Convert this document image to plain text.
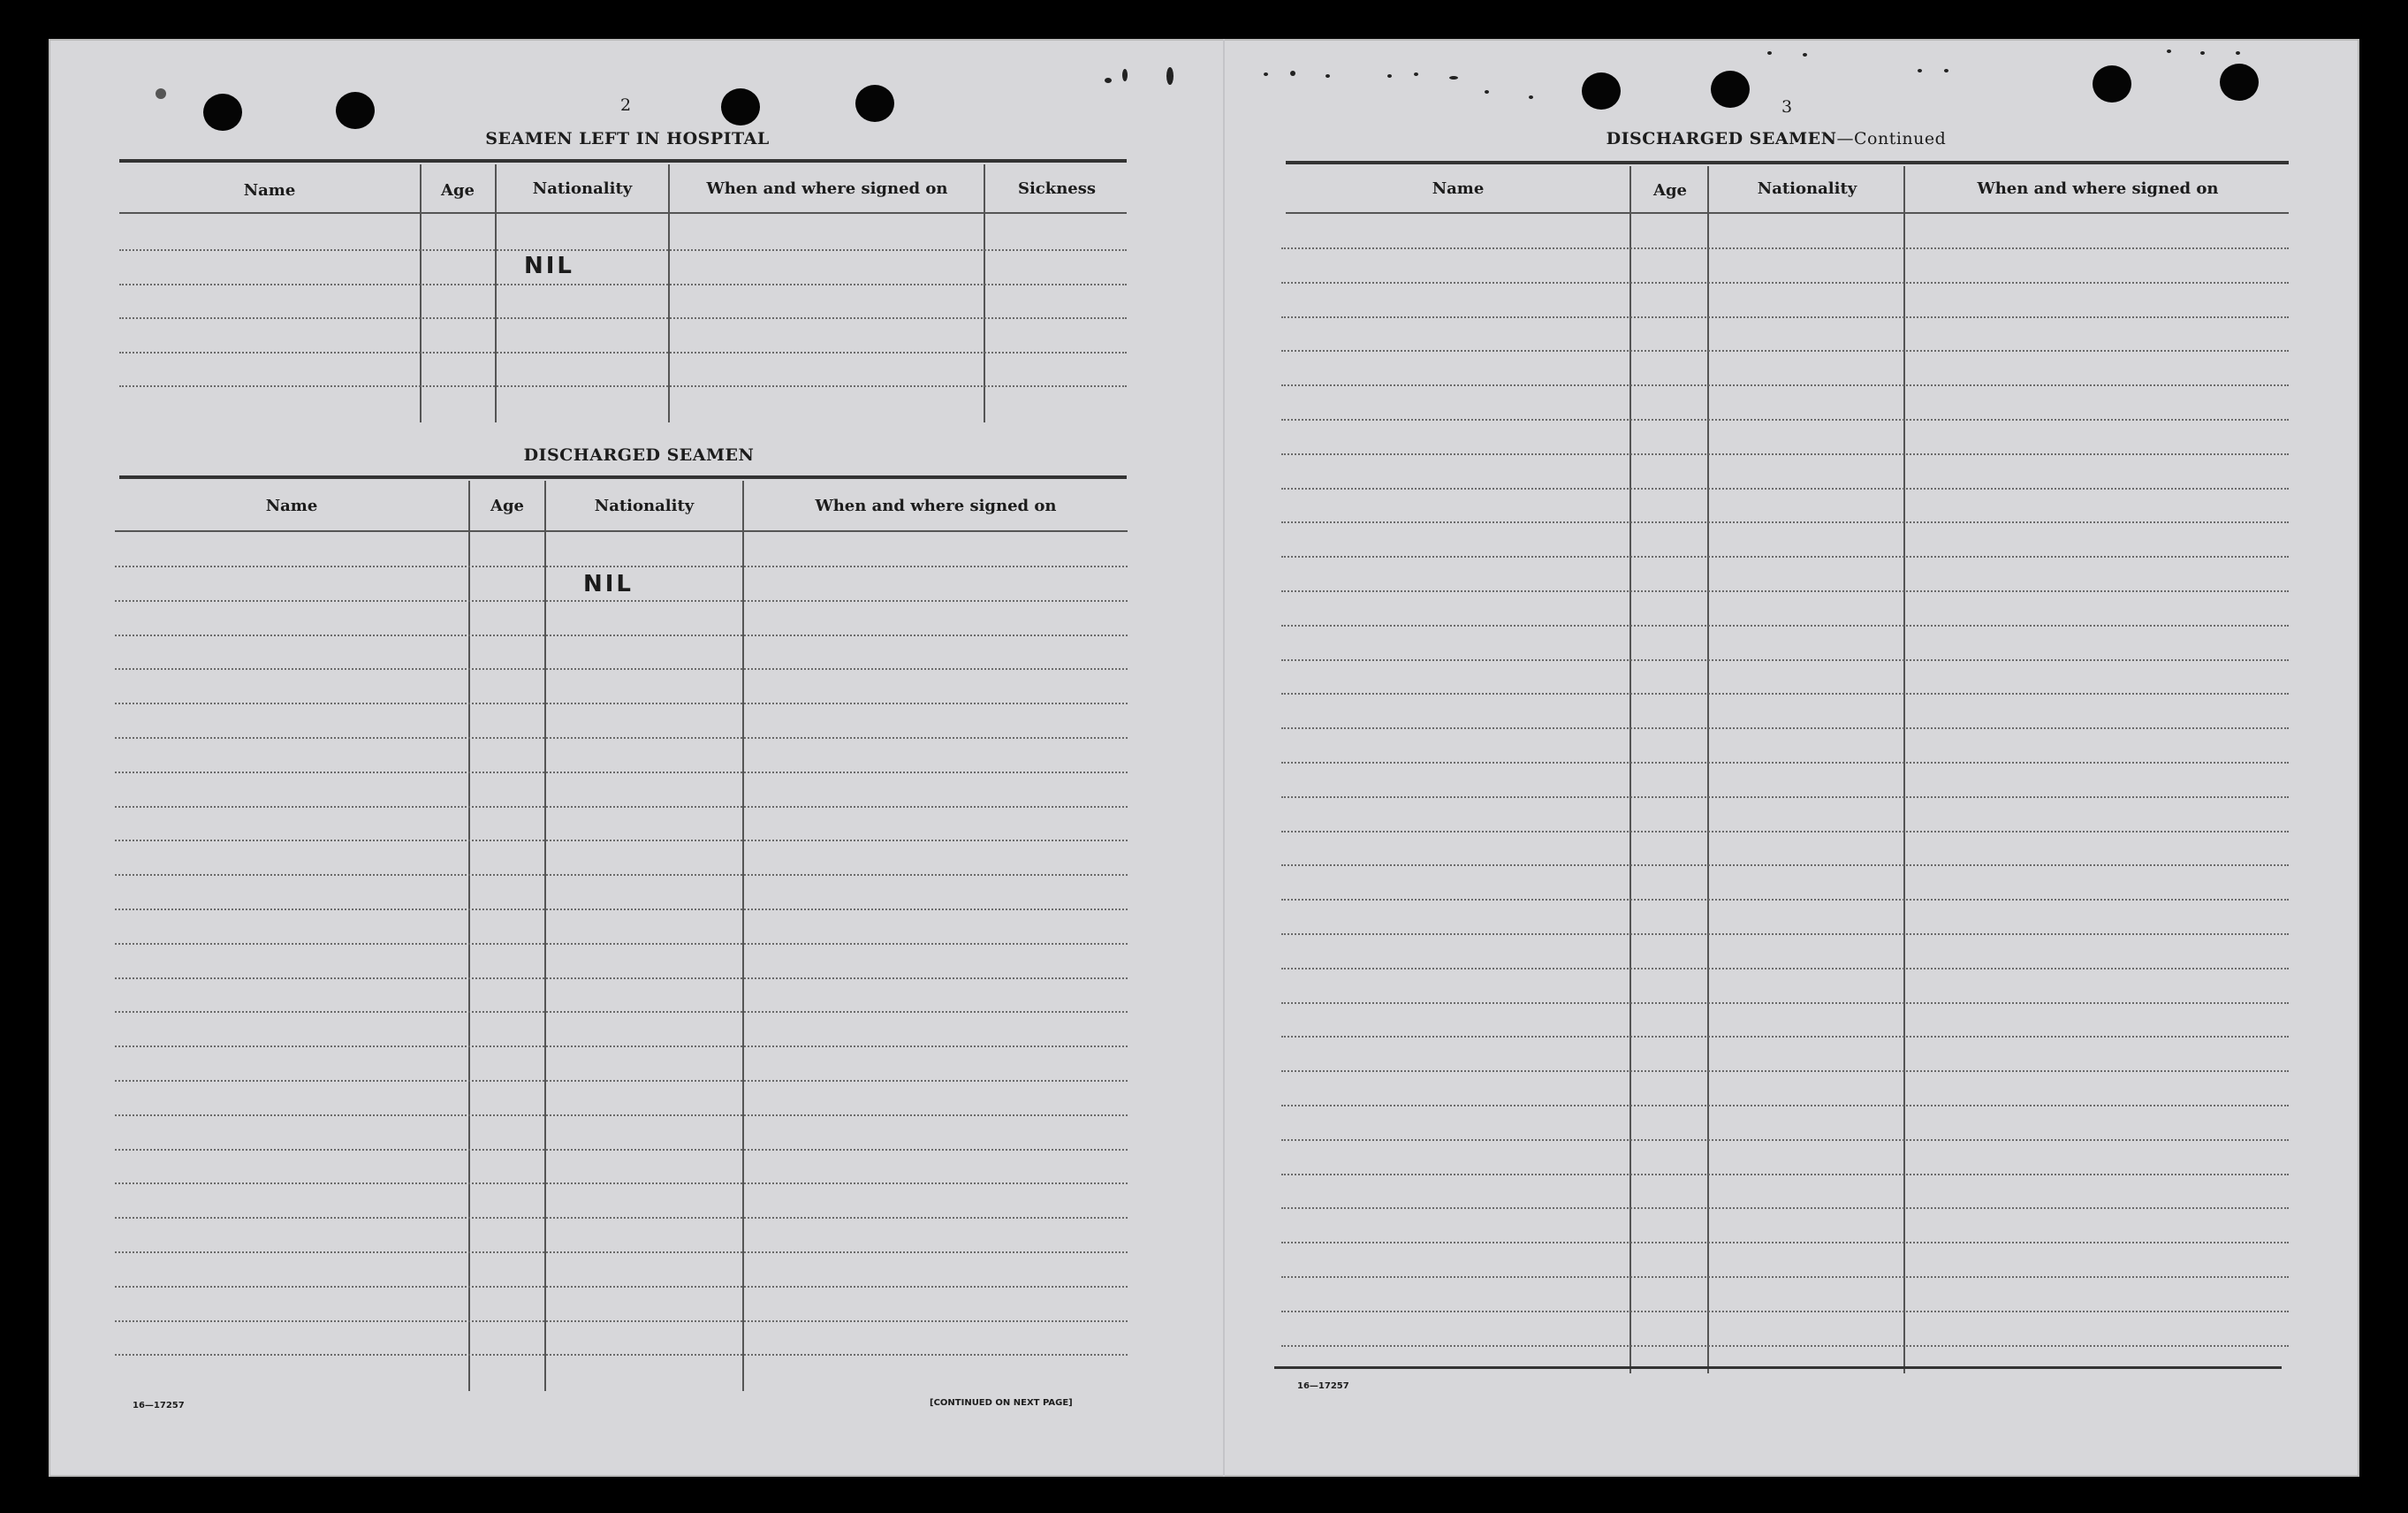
2
SEAMEN LEFT IN HOSPITAL
Name	Age	Nationality	When and where signed on	Sickness
NIL
DISCHARGED SEAMEN
Name	Age	Nationality	When and where signed on
NIL
16—17257	[CONTINUED ON NEXT PAGE]
3
DISCHARGED SEAMEN—Continued
Name	Age	Nationality	When and where signed on
16—17257
